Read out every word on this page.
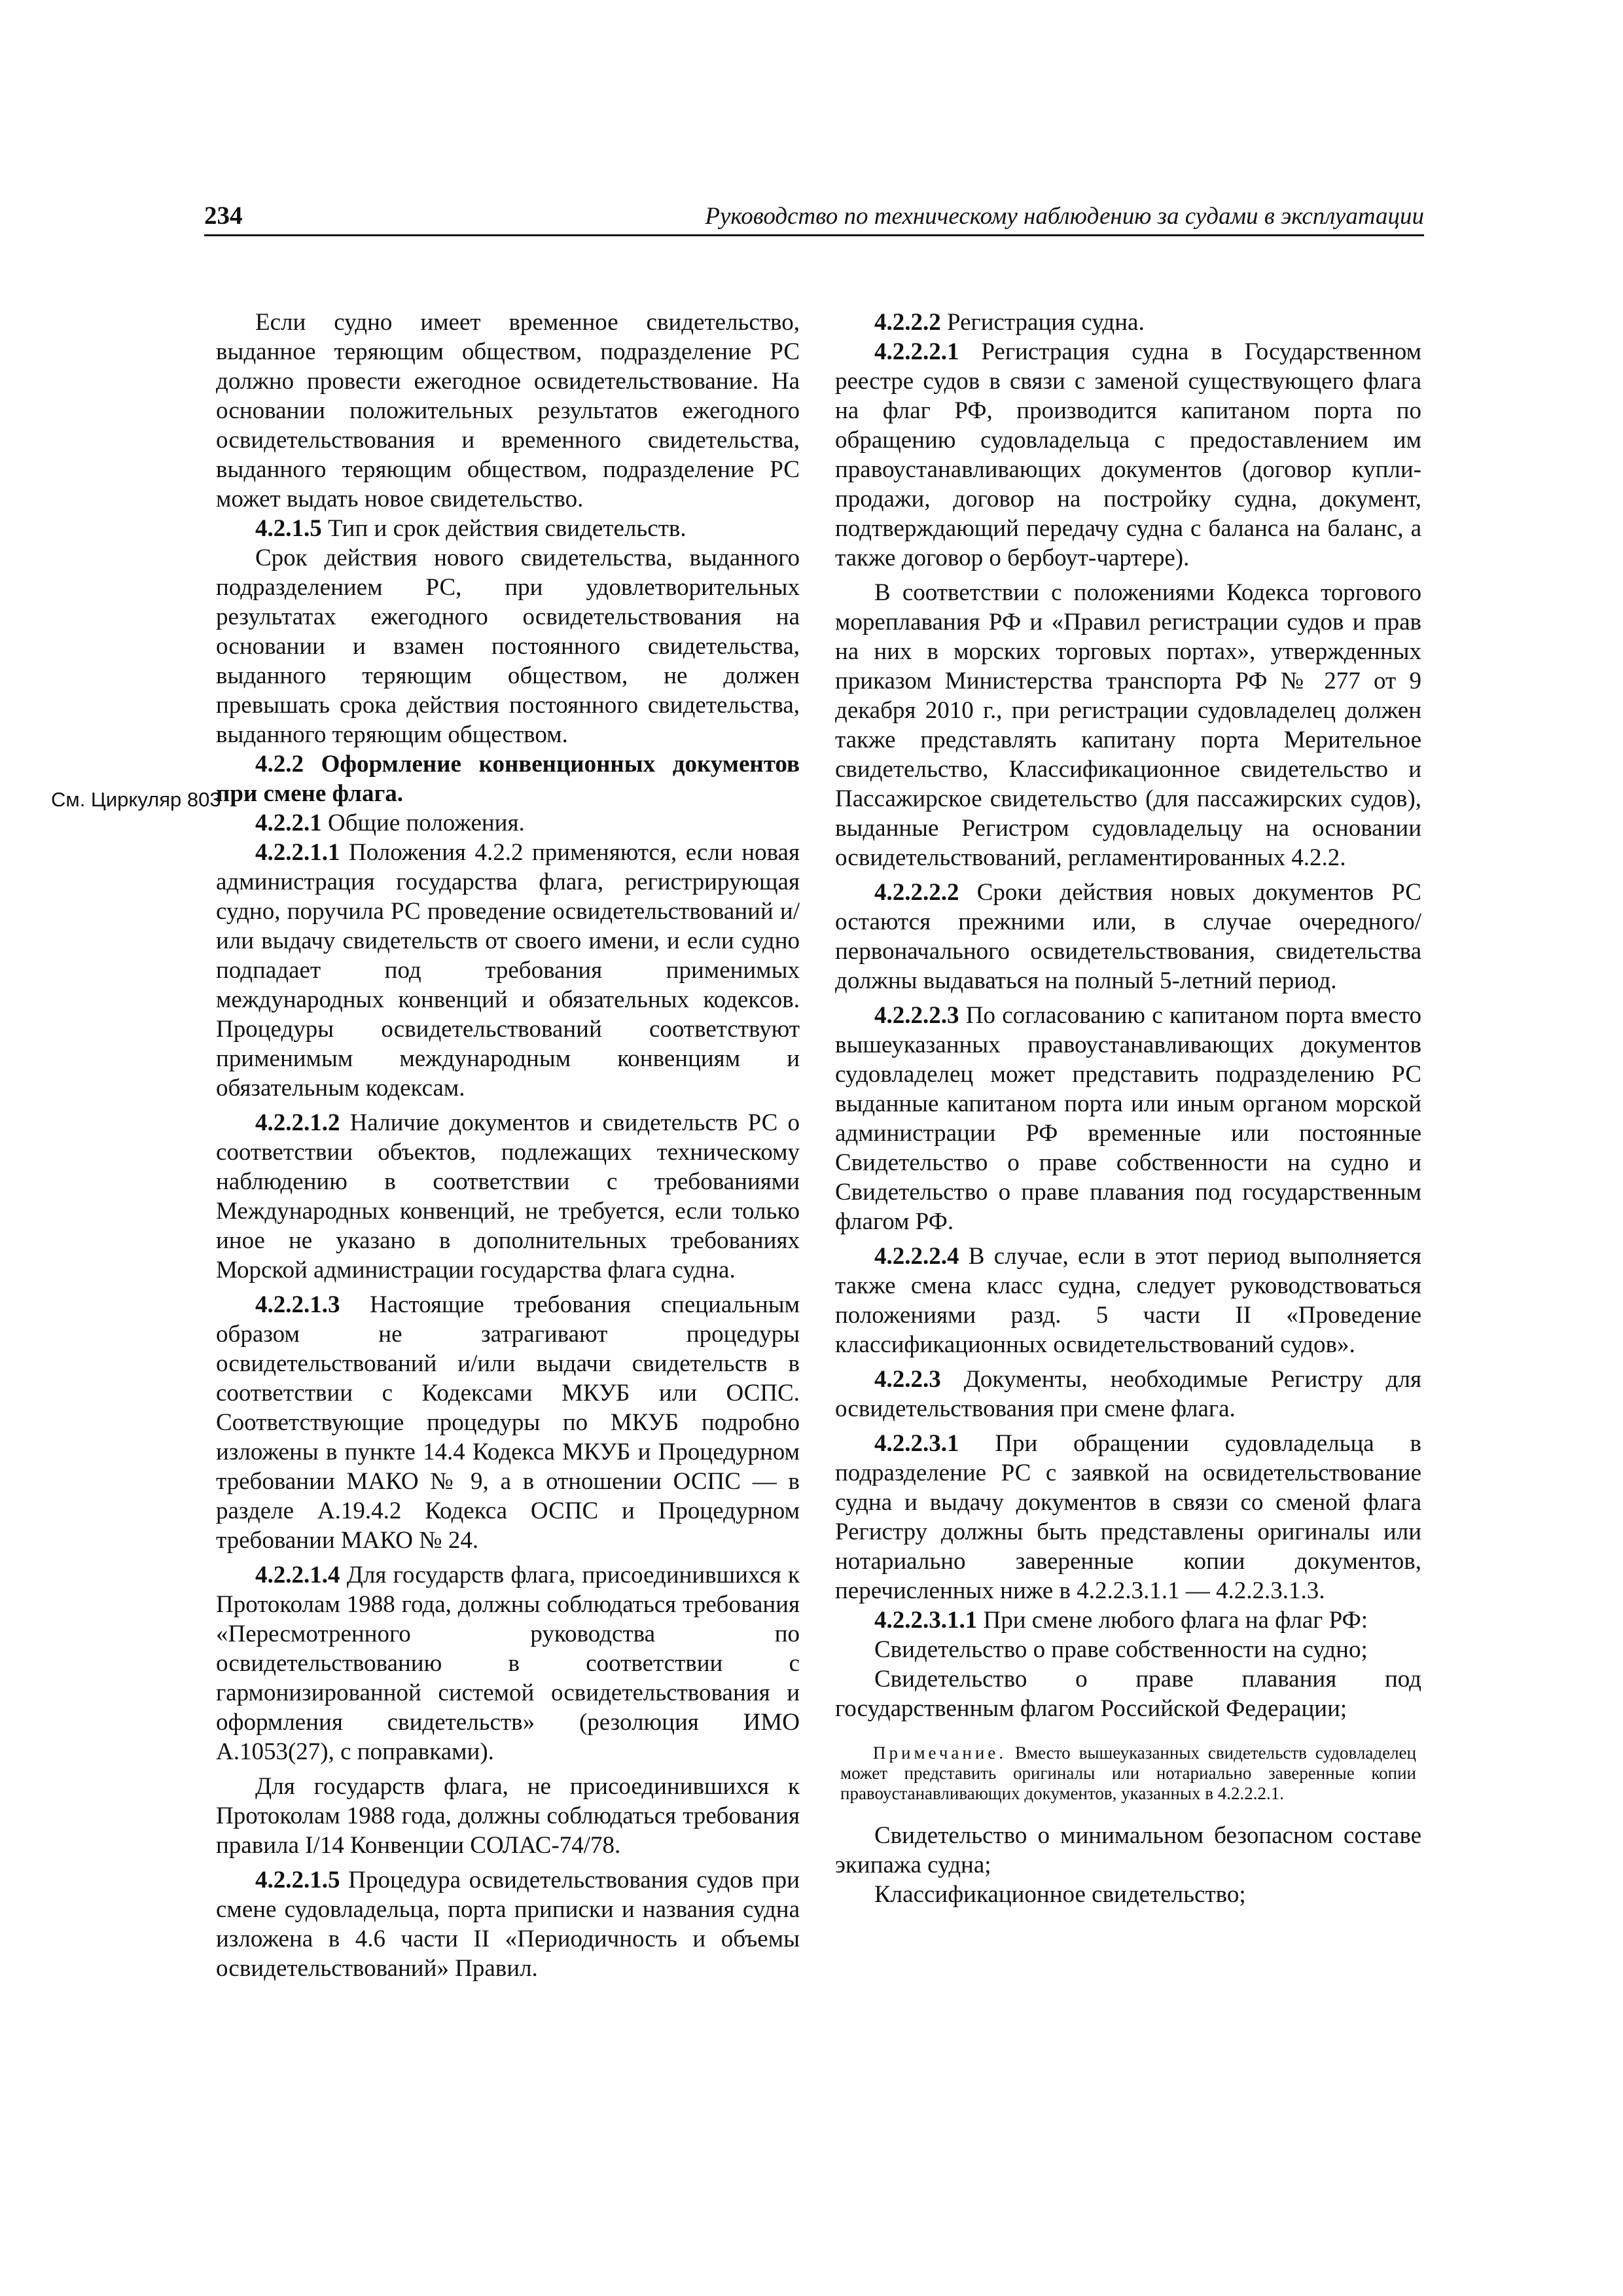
234	Руководство по техническому наблюдению за судами в эксплуатации
См. Циркуляр 803

Если судно имеет временное свидетельство, выданное теряющим обществом, подразделение РС должно провести ежегодное освидетельствование. На основании положительных результатов ежегодного освидетельствования и временного свидетельства, выданного теряющим обществом, подразделение РС может выдать новое свидетельство.

4.2.1.5 Тип и срок действия свидетельств.

Срок действия нового свидетельства, выданного подразделением РС, при удовлетворительных результатах ежегодного освидетельствования на основании и взамен постоянного свидетельства, выданного теряющим обществом, не должен превышать срока действия постоянного свидетельства, выданного теряющим обществом.

4.2.2 Оформление конвенционных документов при смене флага.

4.2.2.1 Общие положения.

4.2.2.1.1 Положения 4.2.2 применяются, если новая администрация государства флага, регистрирующая судно, поручила РС проведение освидетельствований и/или выдачу свидетельств от своего имени, и если судно подпадает под требования применимых международных конвенций и обязательных кодексов. Процедуры освидетельствований соответствуют применимым международным конвенциям и обязательным кодексам.

4.2.2.1.2 Наличие документов и свидетельств РС о соответствии объектов, подлежащих техническому наблюдению в соответствии с требованиями Международных конвенций, не требуется, если только иное не указано в дополнительных требованиях Морской администрации государства флага судна.

4.2.2.1.3 Настоящие требования специальным образом не затрагивают процедуры освидетельствований и/или выдачи свидетельств в соответствии с Кодексами МКУБ или ОСПС. Соответствующие процедуры по МКУБ подробно изложены в пункте 14.4 Кодекса МКУБ и Процедурном требовании МАКО № 9, а в отношении ОСПС — в разделе А.19.4.2 Кодекса ОСПС и Процедурном требовании МАКО № 24.

4.2.2.1.4 Для государств флага, присоединившихся к Протоколам 1988 года, должны соблюдаться требования «Пересмотренного руководства по освидетельствованию в соответствии с гармонизированной системой освидетельствования и оформления свидетельств» (резолюция ИМО А.1053(27), с поправками).

Для государств флага, не присоединившихся к Протоколам 1988 года, должны соблюдаться требования правила I/14 Конвенции СОЛАС-74/78.

4.2.2.1.5 Процедура освидетельствования судов при смене судовладельца, порта приписки и названия судна изложена в 4.6 части II «Периодичность и объемы освидетельствований» Правил.

4.2.2.2 Регистрация судна.

4.2.2.2.1 Регистрация судна в Государственном реестре судов в связи с заменой существующего флага на флаг РФ, производится капитаном порта по обращению судовладельца с предоставлением им правоустанавливающих документов (договор купли-продажи, договор на постройку судна, документ, подтверждающий передачу судна с баланса на баланс, а также договор о бербоут-чартере).

В соответствии с положениями Кодекса торгового мореплавания РФ и «Правил регистрации судов и прав на них в морских торговых портах», утвержденных приказом Министерства транспорта РФ № 277 от 9 декабря 2010 г., при регистрации судовладелец должен также представлять капитану порта Мерительное свидетельство, Классификационное свидетельство и Пассажирское свидетельство (для пассажирских судов), выданные Регистром судовладельцу на основании освидетельствований, регламентированных 4.2.2.

4.2.2.2.2 Сроки действия новых документов РС остаются прежними или, в случае очередного/ первоначального освидетельствования, свидетельства должны выдаваться на полный 5-летний период.

4.2.2.2.3 По согласованию с капитаном порта вместо вышеуказанных правоустанавливающих документов судовладелец может представить подразделению РС выданные капитаном порта или иным органом морской администрации РФ временные или постоянные Свидетельство о праве собственности на судно и Свидетельство о праве плавания под государственным флагом РФ.

4.2.2.2.4 В случае, если в этот период выполняется также смена класс судна, следует руководствоваться положениями разд. 5 части II «Проведение классификационных освидетельствований судов».

4.2.2.3 Документы, необходимые Регистру для освидетельствования при смене флага.

4.2.2.3.1 При обращении судовладельца в подразделение РС с заявкой на освидетельствование судна и выдачу документов в связи со сменой флага Регистру должны быть представлены оригиналы или нотариально заверенные копии документов, перечисленных ниже в 4.2.2.3.1.1 — 4.2.2.3.1.3.

4.2.2.3.1.1 При смене любого флага на флаг РФ:

Свидетельство о праве собственности на судно;

Свидетельство о праве плавания под государственным флагом Российской Федерации;

Примечание. Вместо вышеуказанных свидетельств судовладелец может представить оригиналы или нотариально заверенные копии правоустанавливающих документов, указанных в 4.2.2.2.1.

Свидетельство о минимальном безопасном составе экипажа судна;

Классификационное свидетельство;
